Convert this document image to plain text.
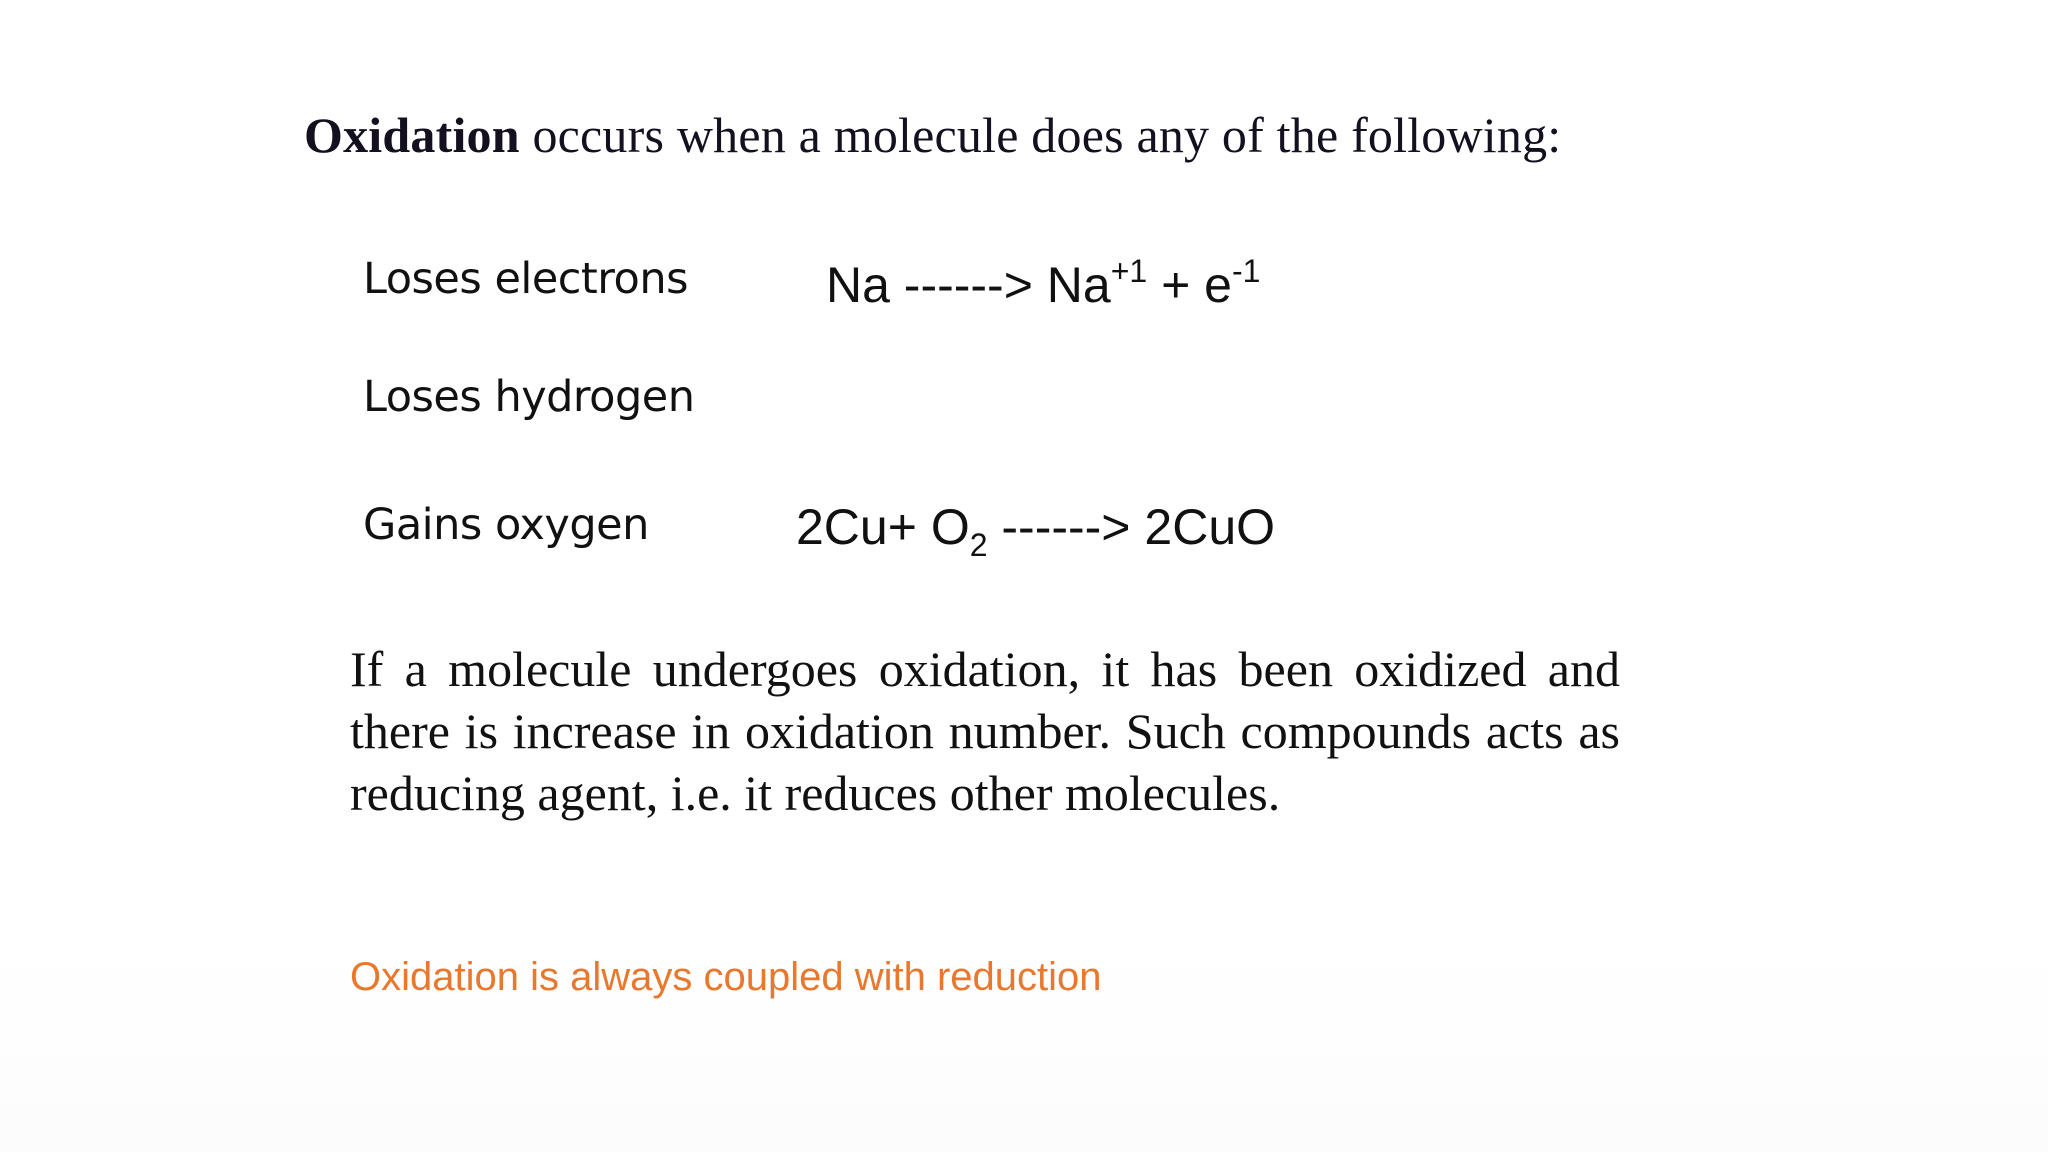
Oxidation occurs when a molecule does any of the following:
Loses electrons	Na ------> $Na^{+1} + e^{-1}$
Loses hydrogen
Gains oxygen	$2Cu+ O_2$ ------> 2CuO
If a molecule undergoes oxidation, it has been oxidized and there is increase in oxidation number. Such compounds acts as reducing agent, i.e. it reduces other molecules.
Oxidation is always coupled with reduction
